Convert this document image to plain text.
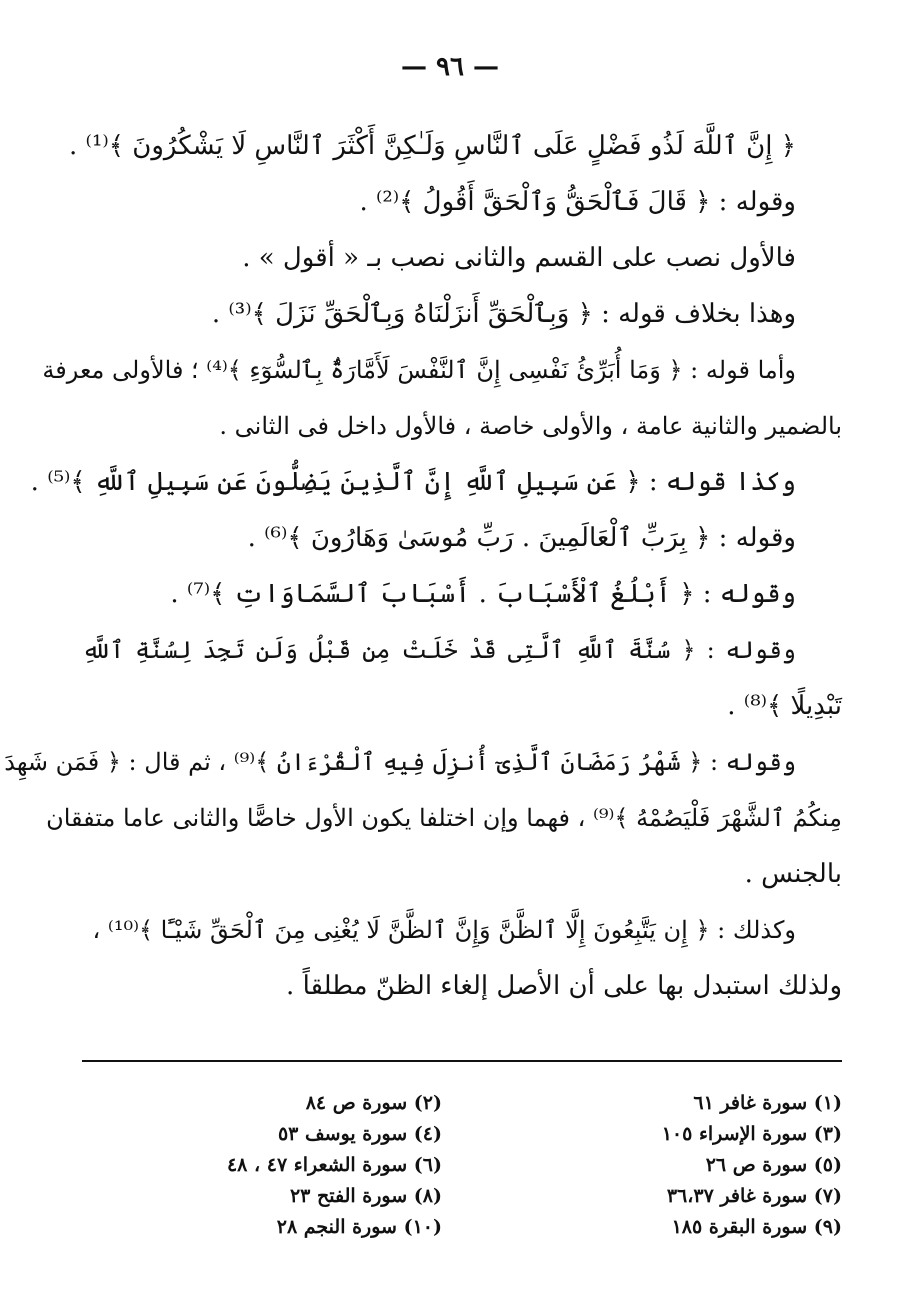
— ٩٦ —
﴿ إِنَّ ٱللَّهَ لَذُو فَضْلٍ عَلَى ٱلنَّاسِ وَلَـٰكِنَّ أَكْثَرَ ٱلنَّاسِ لَا يَشْكُرُونَ ﴾⁽¹⁾ .
وقوله : ﴿ قَالَ فَٱلْحَقُّ وَٱلْحَقَّ أَقُولُ ﴾⁽²⁾ .
فالأول نصب على القسم والثانى نصب بـ « أقول » .
وهذا بخلاف قوله : ﴿ وَبِٱلْحَقِّ أَنزَلْنَاهُ وَبِٱلْحَقِّ نَزَلَ ﴾⁽³⁾ .
وأما قوله : ﴿ وَمَا أُبَرِّئُ نَفْسِى إِنَّ ٱلنَّفْسَ لَأَمَّارَةٌۢ بِٱلسُّوٓءِ ﴾⁽⁴⁾ ؛ فالأولى معرفة
بالضمير والثانية عامة ، والأولى خاصة ، فالأول داخل فى الثانى .
وكذا قوله : ﴿ عَن سَبِيلِ ٱللَّهِ إِنَّ ٱلَّذِينَ يَضِلُّونَ عَن سَبِيلِ ٱللَّهِ ﴾⁽⁵⁾ .
وقوله : ﴿ بِرَبِّ ٱلْعَالَمِينَ . رَبِّ مُوسَىٰ وَهَارُونَ ﴾⁽⁶⁾ .
وقوله : ﴿ أَبْلُغُ ٱلْأَسْبَابَ . أَسْبَابَ ٱلسَّمَاوَاتِ ﴾⁽⁷⁾ .
وقوله : ﴿ سُنَّةَ ٱللَّهِ ٱلَّتِى قَدْ خَلَتْ مِن قَبْلُ وَلَن تَجِدَ لِسُنَّةِ ٱللَّهِ
تَبْدِيلًا ﴾⁽⁸⁾ .
وقوله : ﴿ شَهْرُ رَمَضَانَ ٱلَّذِىٓ أُنزِلَ فِيهِ ٱلْقُرْءَانُ ﴾⁽⁹⁾ ، ثم قال : ﴿ فَمَن شَهِدَ
مِنكُمُ ٱلشَّهْرَ فَلْيَصُمْهُ ﴾⁽⁹⁾ ، فهما وإن اختلفا يكون الأول خاصًّا والثانى عاما متفقان
بالجنس .
وكذلك : ﴿ إِن يَتَّبِعُونَ إِلَّا ٱلظَّنَّ وَإِنَّ ٱلظَّنَّ لَا يُغْنِى مِنَ ٱلْحَقِّ شَيْـًٔا ﴾⁽¹⁰⁾ ،
ولذلك استبدل بها على أن الأصل إلغاء الظنّ مطلقاً .
(١) سورة غافر ٦١
(٢) سورة ص ٨٤
(٣) سورة الإسراء ١٠٥
(٤) سورة يوسف ٥٣
(٥) سورة ص ٢٦
(٦) سورة الشعراء ٤٧ ، ٤٨
(٧) سورة غافر ٣٦،٣٧
(٨) سورة الفتح ٢٣
(٩) سورة البقرة ١٨٥
(١٠) سورة النجم ٢٨
